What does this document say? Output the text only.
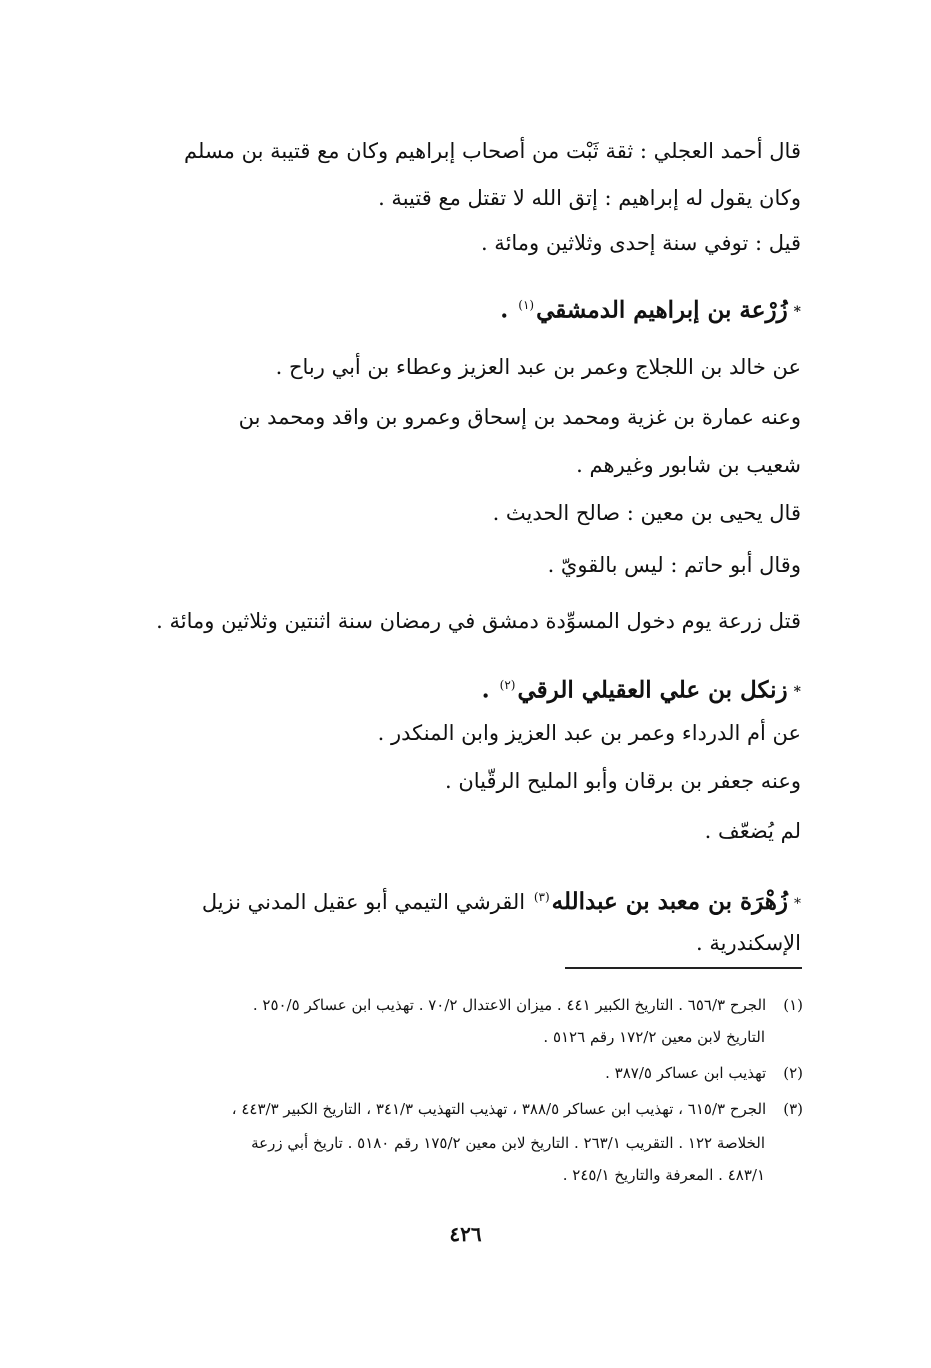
قال أحمد العجلي : ثقة ثَبْت من أصحاب إبراهيم وكان مع قتيبة بن مسلم
وكان يقول له إبراهيم : إتق الله لا تقتل مع قتيبة .
قيل : توفي سنة إحدى وثلاثين ومائة .
*زُرْعة بن إبراهيم الدمشقي$^{(١)}$ .
عن خالد بن اللجلاج وعمر بن عبد العزيز وعطاء بن أبي رباح .
وعنه عمارة بن غزية ومحمد بن إسحاق وعمرو بن واقد ومحمد بن
شعيب بن شابور وغيرهم .
قال يحيى بن معين : صالح الحديث .
وقال أبو حاتم : ليس بالقويّ .
قتل زرعة يوم دخول المسوِّدة دمشق في رمضان سنة اثنتين وثلاثين ومائة .
*زنكل بن علي العقيلي الرقي$^{(٢)}$ .
عن أم الدرداء وعمر بن عبد العزيز وابن المنكدر .
وعنه جعفر بن برقان وأبو المليح الرقّيان .
لم يُضعّف .
*زُهْرَة بن معبد بن عبدالله$^{(٣)}$ القرشي التيمي أبو عقيل المدني نزيل
الإسكندرية .
(١) الجرح ٦٥٦/٣ . التاريخ الكبير ٤٤١ . ميزان الاعتدال ٧٠/٢ . تهذيب ابن عساكر ٢٥٠/٥ .
التاريخ لابن معين ١٧٢/٢ رقم ٥١٢٦ .
(٢) تهذيب ابن عساكر ٣٨٧/٥ .
(٣) الجرح ٦١٥/٣ ، تهذيب ابن عساكر ٣٨٨/٥ ، تهذيب التهذيب ٣٤١/٣ ، التاريخ الكبير ٤٤٣/٣ ،
الخلاصة ١٢٢ . التقريب ٢٦٣/١ . التاريخ لابن معين ١٧٥/٢ رقم ٥١٨٠ . تاريخ أبي زرعة
٤٨٣/١ . المعرفة والتاريخ ٢٤٥/١ .
٤٢٦
